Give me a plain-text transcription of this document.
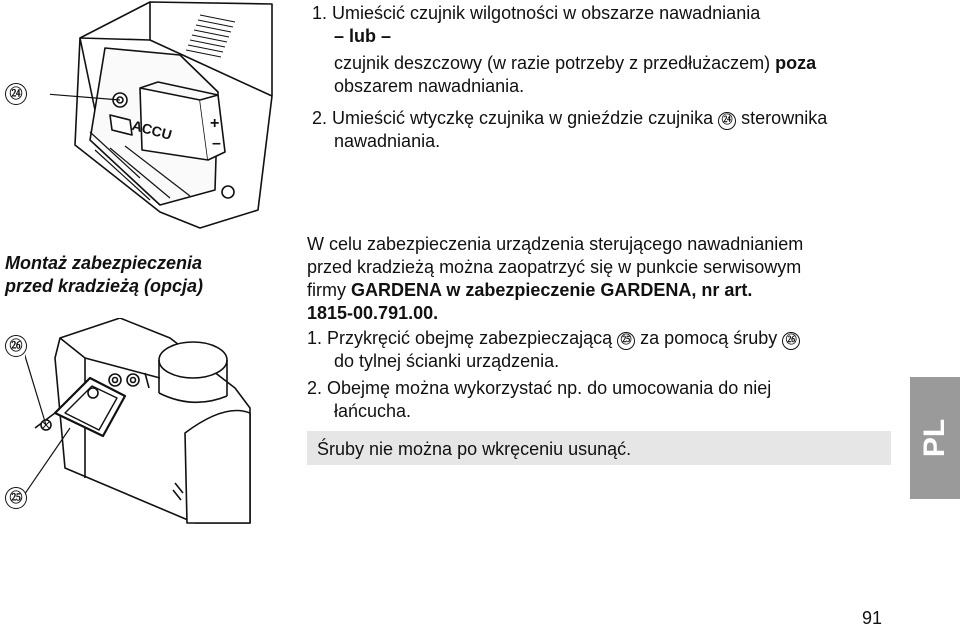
ACCU +
–
㉔
1. Umieścić czujnik wilgotności w obszarze nawadniania
– lub –
czujnik deszczowy (w razie potrzeby z przedłużaczem) poza
obszarem nawadniania.
2. Umieścić wtyczkę czujnika w gnieździe czujnika ㉔ sterownika
nawadniania.
Montaż zabezpieczenia
przed kradzieżą (opcja)
㉖
㉕
W celu zabezpieczenia urządzenia sterującego nawadnianiem
przed kradzieżą można zaopatrzyć się w punkcie serwisowym
firmy GARDENA w zabezpieczenie GARDENA, nr art.
1815-00.791.00.
1. Przykręcić obejmę zabezpieczającą ㉕ za pomocą śruby ㉖
do tylnej ścianki urządzenia.
2. Obejmę można wykorzystać np. do umocowania do niej
łańcucha.
Śruby nie można po wkręceniu usunąć.	PL
91
